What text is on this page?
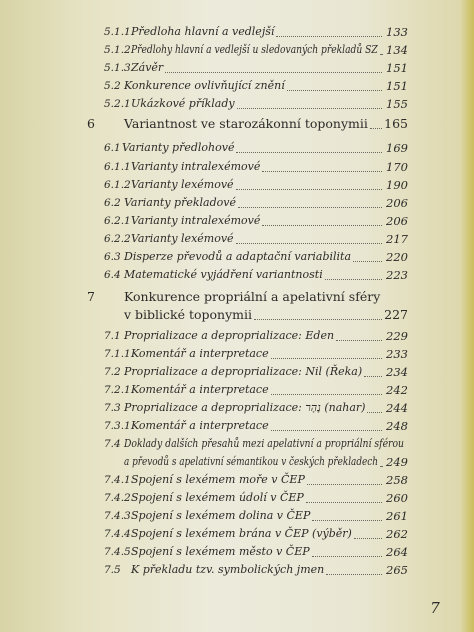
5.1.1 Předloha hlavní a vedlejší	133
5.1.2 Předlohy hlavní a vedlejší u sledovaných překladů SZ 134
5.1.3 Závěr	151
5.2 Konkurence ovlivňující znění	151
5.2.1 Ukázkové příklady	155
6 Variantnost ve starozákonní toponymii	165
6.1 Varianty předlohové	169
6.1.1 Varianty intralexémové	170
6.1.2 Varianty lexémové	190
6.2 Varianty překladové	206
6.2.1 Varianty intralexémové	206
6.2.2 Varianty lexémové	217
6.3 Disperze převodů a adaptační variabilita	220
6.4 Matematické vyjádření variantnosti	223
7 Konkurence propriální a apelativní sféry
v biblické toponymii	227
7.1 Proprializace a deproprializace: Eden	229
7.1.1 Komentář a interpretace	233
7.2 Proprializace a deproprializace: Nil (Řeka)	234
7.2.1 Komentář a interpretace	242
7.3 Proprializace a deproprializace: נָהָר (nahar)	244
7.3.1 Komentář a interpretace	248
7.4 Doklady dalších přesahů mezi apelativní a propriální sférou
a převodů s apelativní sémantikou v českých překladech 249
7.4.1 Spojení s lexémem moře v ČEP	258
7.4.2 Spojení s lexémem údolí v ČEP	260
7.4.3 Spojení s lexémem dolina v ČEP	261
7.4.4 Spojení s lexémem brána v ČEP (výběr)	262
7.4.5 Spojení s lexémem město v ČEP	264
7.5 K překladu tzv. symbolických jmen	265
7
